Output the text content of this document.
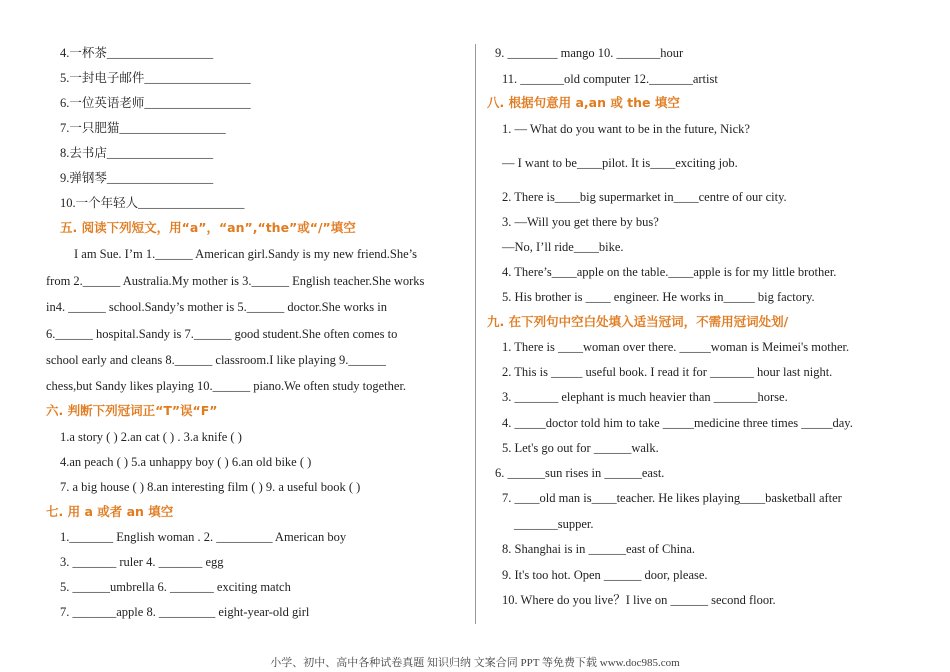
4.一杯茶_________________
5.一封电子邮件_________________
6.一位英语老师_________________
7.一只肥猫_________________
8.去书店_________________
9.弹钢琴_________________
10.一个年轻人_________________
五. 阅读下列短文，用“a”，“an”,“the”或“/”填空
I am Sue. I’m 1.______ American girl.Sandy is my new friend.She’s
from 2.______ Australia.My mother is 3.______ English teacher.She works
in4. ______ school.Sandy’s mother is 5.______ doctor.She works in
6.______ hospital.Sandy is 7.______ good student.She often comes to
school early and cleans 8.______ classroom.I like playing 9.______
chess,but Sandy likes playing 10.______ piano.We often study together.
六. 判断下列冠词正“T”误“F”
1.a story ( ) 2.an cat ( ) . 3.a knife ( )
4.an peach ( ) 5.a unhappy boy ( ) 6.an old bike ( )
7. a big house ( ) 8.an interesting film ( ) 9. a useful book ( )
七. 用 a 或者 an 填空
1._______ English woman . 2. _________ American boy
3. _______ ruler 4. _______ egg
5. ______umbrella 6. _______ exciting match
7. _______apple 8. _________ eight-year-old girl
9. ________ mango 10. _______hour
11. _______old computer 12._______artist
八. 根据句意用 a,an 或 the 填空
1. — What do you want to be in the future, Nick?
— I want to be____pilot. It is____exciting job.
2. There is____big supermarket in____centre of our city.
3. —Will you get there by bus?
—No, I’ll ride____bike.
4. There’s____apple on the table.____apple is for my little brother.
5. His brother is ____ engineer. He works in_____ big factory.
九. 在下列句中空白处填入适当冠词，不需用冠词处划/
1. There is ____woman over there. _____woman is Meimei's mother.
2. This is _____ useful book. I read it for _______ hour last night.
3. _______ elephant is much heavier than _______horse.
4. _____doctor told him to take _____medicine three times _____day.
5. Let's go out for ______walk.
6. ______sun rises in ______east.
7. ____old man is____teacher. He likes playing____basketball after
_______supper.
8. Shanghai is in ______east of China.
9. It's too hot. Open ______ door, please.
10. Where do you live？I live on ______ second floor.
小学、初中、高中各种试卷真题 知识归纳 文案合同 PPT 等免费下载 www.doc985.com
